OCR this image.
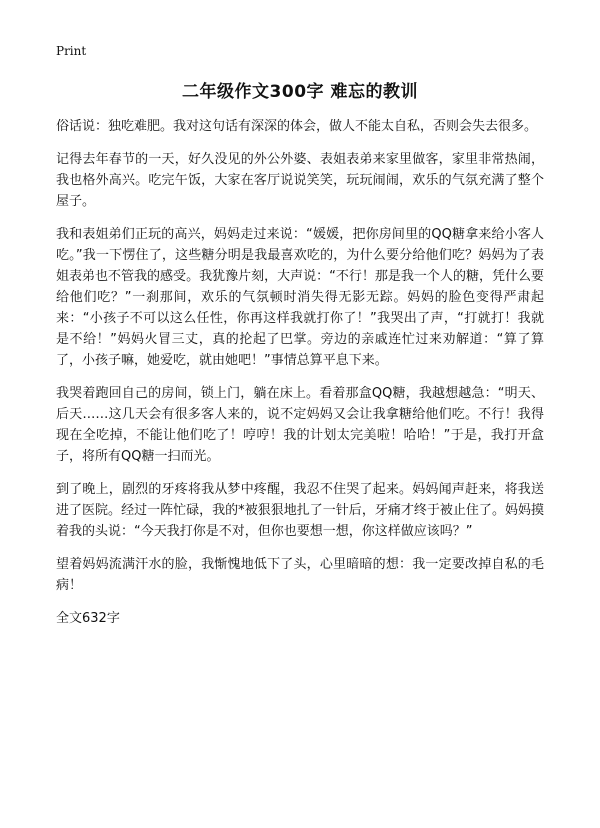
Print
二年级作文300字 难忘的教训

俗话说：独吃难肥。我对这句话有深深的体会，做人不能太自私，否则会失去很多。

记得去年春节的一天，好久没见的外公外婆、表姐表弟来家里做客，家里非常热闹，我也格外高兴。吃完午饭，大家在客厅说说笑笑，玩玩闹闹，欢乐的气氛充满了整个屋子。

我和表姐弟们正玩的高兴，妈妈走过来说：“媛媛，把你房间里的QQ糖拿来给小客人吃。”我一下愣住了，这些糖分明是我最喜欢吃的，为什么要分给他们吃？妈妈为了表姐表弟也不管我的感受。我犹豫片刻，大声说：“不行！那是我一个人的糖，凭什么要给他们吃？”一刹那间，欢乐的气氛顿时消失得无影无踪。妈妈的脸色变得严肃起来：“小孩子不可以这么任性，你再这样我就打你了！”我哭出了声，“打就打！我就是不给！”妈妈火冒三丈，真的抡起了巴掌。旁边的亲戚连忙过来劝解道：“算了算了，小孩子嘛，她爱吃，就由她吧！”事情总算平息下来。

我哭着跑回自己的房间，锁上门，躺在床上。看着那盒QQ糖，我越想越急：“明天、后天……这几天会有很多客人来的，说不定妈妈又会让我拿糖给他们吃。不行！我得现在全吃掉，不能让他们吃了！哼哼！我的计划太完美啦！哈哈！”于是，我打开盒子，将所有QQ糖一扫而光。

到了晚上，剧烈的牙疼将我从梦中疼醒，我忍不住哭了起来。妈妈闻声赶来，将我送进了医院。经过一阵忙碌，我的*被狠狠地扎了一针后，牙痛才终于被止住了。妈妈摸着我的头说：“今天我打你是不对，但你也要想一想，你这样做应该吗？”

望着妈妈流满汗水的脸，我惭愧地低下了头，心里暗暗的想：我一定要改掉自私的毛病！

全文632字
